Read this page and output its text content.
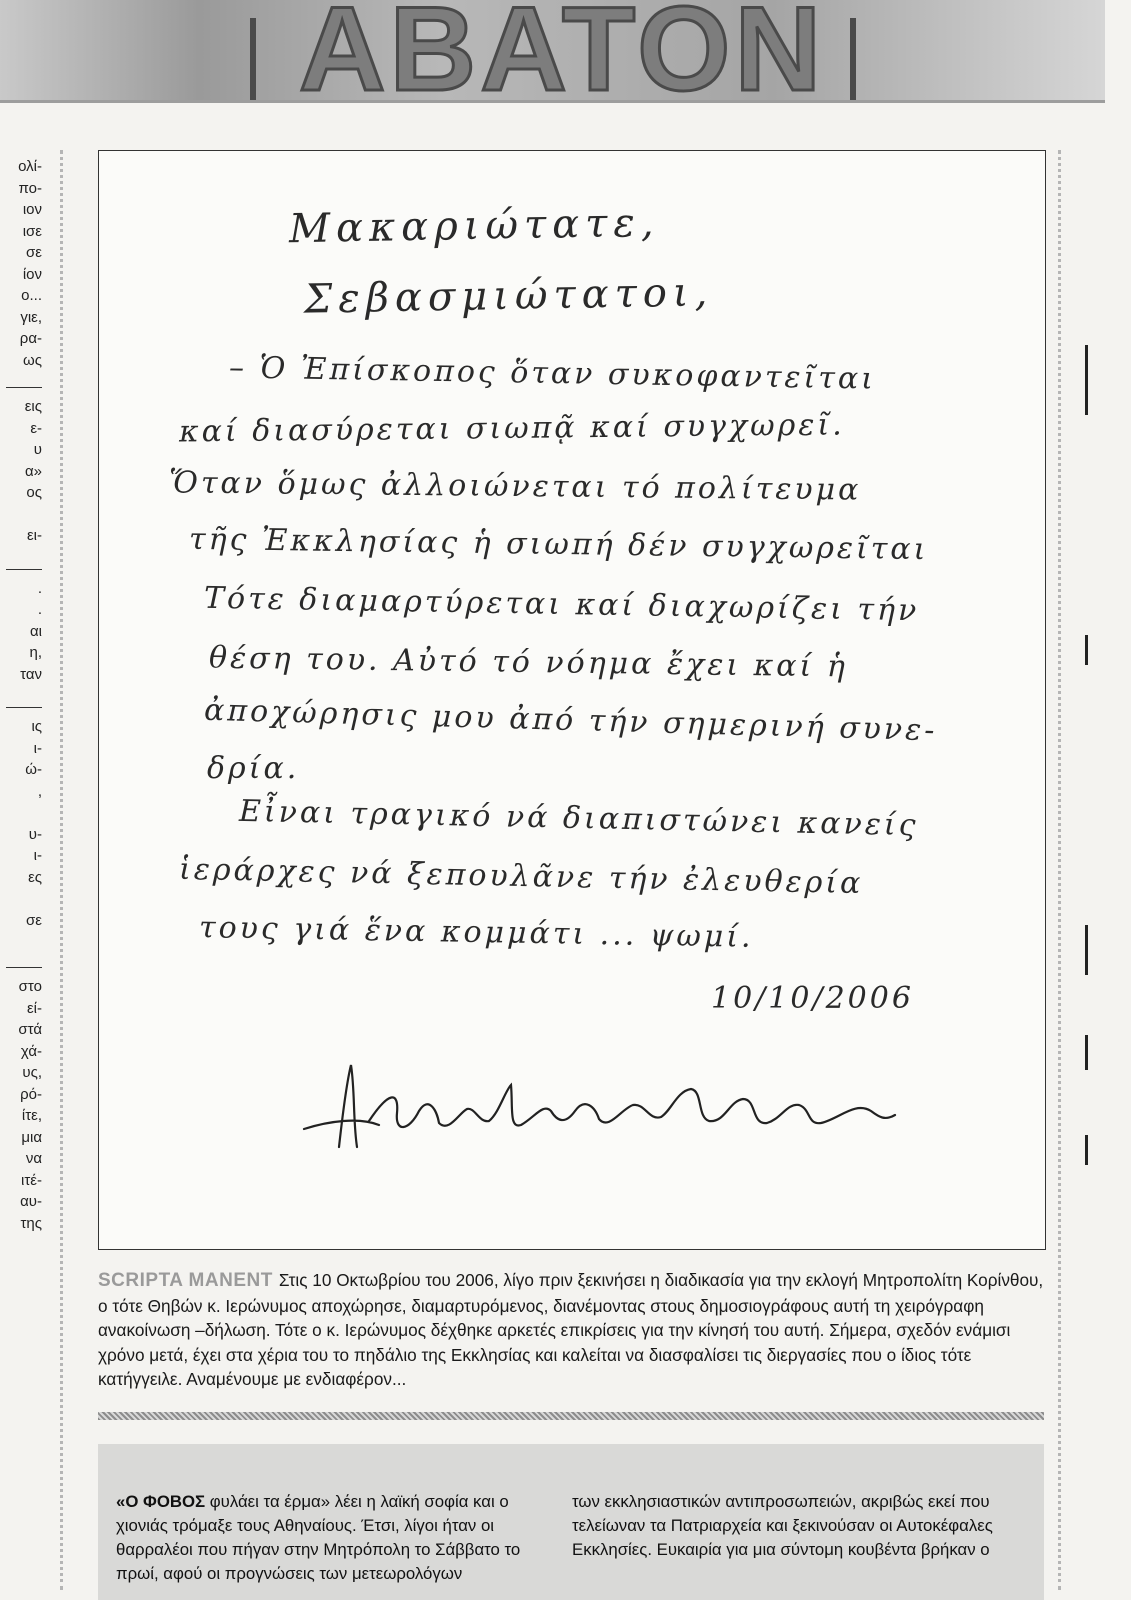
ABATON
ολί-
πο-
ιον
ισε
σε
ίον
ο...
γιε,
ρα-
ως
εις
ε-
υ
α»
ος
ει-
.
.
αι
η,
ταν
ις
ι-
ώ-
,
υ-
ι-
ες
σε
στο
εί-
στά
χά-
υς,
ρό-
ίτε,
μια
να
ιτέ-
αυ-
της
Μακαριώτατε,
Σεβασμιώτατοι,
– Ὁ Ἐπίσκοπος ὅταν συκοφαντεῖται
καί διασύρεται σιωπᾷ καί συγχωρεῖ.
Ὅταν ὅμως ἀλλοιώνεται τό πολίτευμα
τῆς Ἐκκλησίας ἡ σιωπή δέν συγχωρεῖται
Τότε διαμαρτύρεται καί διαχωρίζει τήν
θέση του. Αὐτό τό νόημα ἔχει καί ἡ
ἀποχώρησις μου ἀπό τήν σημερινή συνε-
δρία.
Εἶναι τραγικό νά διαπιστώνει κανείς
ἱεράρχες νά ξεπουλᾶνε τήν ἐλευθερία
τους γιά ἕνα κομμάτι ... ψωμί.
10/10/2006
SCRIPTA MANENT Στις 10 Οκτωβρίου του 2006, λίγο πριν ξεκινήσει η διαδικασία για την εκλογή Μητροπολίτη Κορίνθου, ο τότε Θηβών κ. Ιερώνυμος αποχώρησε, διαμαρτυρόμενος, διανέμοντας στους δημοσιογράφους αυτή τη χειρόγραφη ανακοίνωση –δήλωση. Τότε ο κ. Ιερώνυμος δέχθηκε αρκετές επικρίσεις για την κίνησή του αυτή. Σήμερα, σχεδόν ενάμισι χρόνο μετά, έχει στα χέρια του το πηδάλιο της Εκκλησίας και καλείται να διασφαλίσει τις διεργασίες που ο ίδιος τότε κατήγγειλε. Αναμένουμε με ενδιαφέρον...
«Ο ΦΟΒΟΣ φυλάει τα έρμα» λέει η λαϊκή σοφία και ο χιονιάς τρόμαξε τους Αθηναίους. Έτσι, λίγοι ήταν οι θαρραλέοι που πήγαν στην Μητρόπολη το Σάββατο το πρωί, αφού οι προγνώσεις των μετεωρολόγων
των εκκλησιαστικών αντιπροσωπειών, ακριβώς εκεί που τελείωναν τα Πατριαρχεία και ξεκινούσαν οι Αυτοκέφαλες Εκκλησίες. Ευκαιρία για μια σύντομη κουβέντα βρήκαν ο
